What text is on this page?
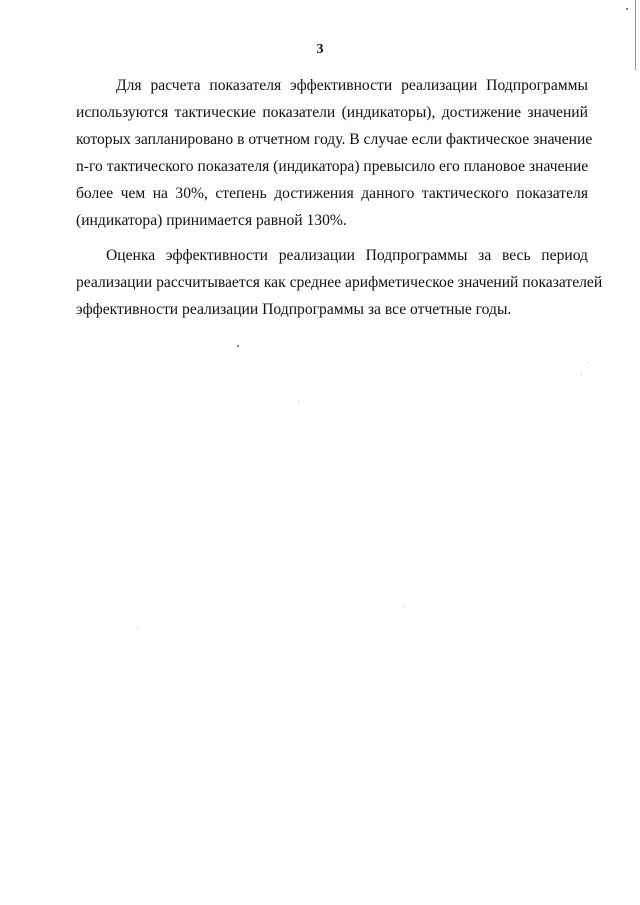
3
Для расчета показателя эффективности реализации Подпрограммы
используются тактические показатели (индикаторы), достижение значений
которых запланировано в отчетном году. В случае если фактическое значение
n-го тактического показателя (индикатора) превысило его плановое значение
более чем на 30%, степень достижения данного тактического показателя
(индикатора) принимается равной 130%.
Оценка эффективности реализации Подпрограммы за весь период
реализации рассчитывается как среднее арифметическое значений показателей
эффективности реализации Подпрограммы за все отчетные годы.
